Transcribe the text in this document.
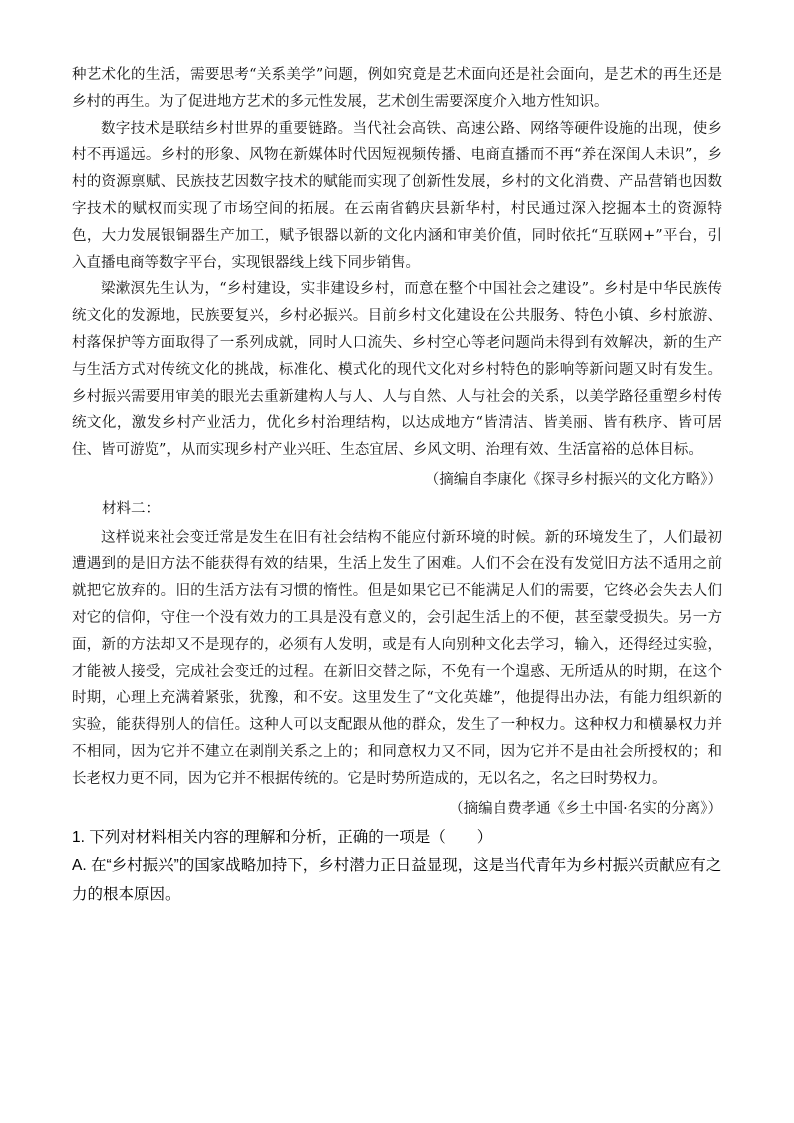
种艺术化的生活，需要思考“关系美学”问题，例如究竟是艺术面向还是社会面向，是艺术的再生还是乡村的再生。为了促进地方艺术的多元性发展，艺术创生需要深度介入地方性知识。

数字技术是联结乡村世界的重要链路。当代社会高铁、高速公路、网络等硬件设施的出现，使乡村不再遥远。乡村的形象、风物在新媒体时代因短视频传播、电商直播而不再“养在深闺人未识”，乡村的资源禀赋、民族技艺因数字技术的赋能而实现了创新性发展，乡村的文化消费、产品营销也因数字技术的赋权而实现了市场空间的拓展。在云南省鹤庆县新华村，村民通过深入挖掘本土的资源特色，大力发展银铜器生产加工，赋予银器以新的文化内涵和审美价值，同时依托“互联网+”平台，引入直播电商等数字平台，实现银器线上线下同步销售。

梁漱溟先生认为，“乡村建设，实非建设乡村，而意在整个中国社会之建设”。乡村是中华民族传统文化的发源地，民族要复兴，乡村必振兴。目前乡村文化建设在公共服务、特色小镇、乡村旅游、村落保护等方面取得了一系列成就，同时人口流失、乡村空心等老问题尚未得到有效解决，新的生产与生活方式对传统文化的挑战，标准化、模式化的现代文化对乡村特色的影响等新问题又时有发生。乡村振兴需要用审美的眼光去重新建构人与人、人与自然、人与社会的关系，以美学路径重塑乡村传统文化，激发乡村产业活力，优化乡村治理结构，以达成地方“皆清洁、皆美丽、皆有秩序、皆可居住、皆可游览”，从而实现乡村产业兴旺、生态宜居、乡风文明、治理有效、生活富裕的总体目标。

（摘编自李康化《探寻乡村振兴的文化方略》）
材料二：

这样说来社会变迁常是发生在旧有社会结构不能应付新环境的时候。新的环境发生了，人们最初遭遇到的是旧方法不能获得有效的结果，生活上发生了困难。人们不会在没有发觉旧方法不适用之前就把它放弃的。旧的生活方法有习惯的惰性。但是如果它已不能满足人们的需要，它终必会失去人们对它的信仰，守住一个没有效力的工具是没有意义的，会引起生活上的不便，甚至蒙受损失。另一方面，新的方法却又不是现存的，必须有人发明，或是有人向别种文化去学习，输入，还得经过实验，才能被人接受，完成社会变迁的过程。在新旧交替之际，不免有一个遑惑、无所适从的时期，在这个时期，心理上充满着紧张，犹豫，和不安。这里发生了“文化英雄”，他提得出办法，有能力组织新的实验，能获得别人的信任。这种人可以支配跟从他的群众，发生了一种权力。这种权力和横暴权力并不相同，因为它并不建立在剥削关系之上的；和同意权力又不同，因为它并不是由社会所授权的；和长老权力更不同，因为它并不根据传统的。它是时势所造成的，无以名之，名之曰时势权力。

（摘编自费孝通《乡土中国·名实的分离》）
1. 下列对材料相关内容的理解和分析，正确的一项是（　　）
A. 在“乡村振兴”的国家战略加持下，乡村潜力正日益显现，这是当代青年为乡村振兴贡献应有之力的根本原因。
